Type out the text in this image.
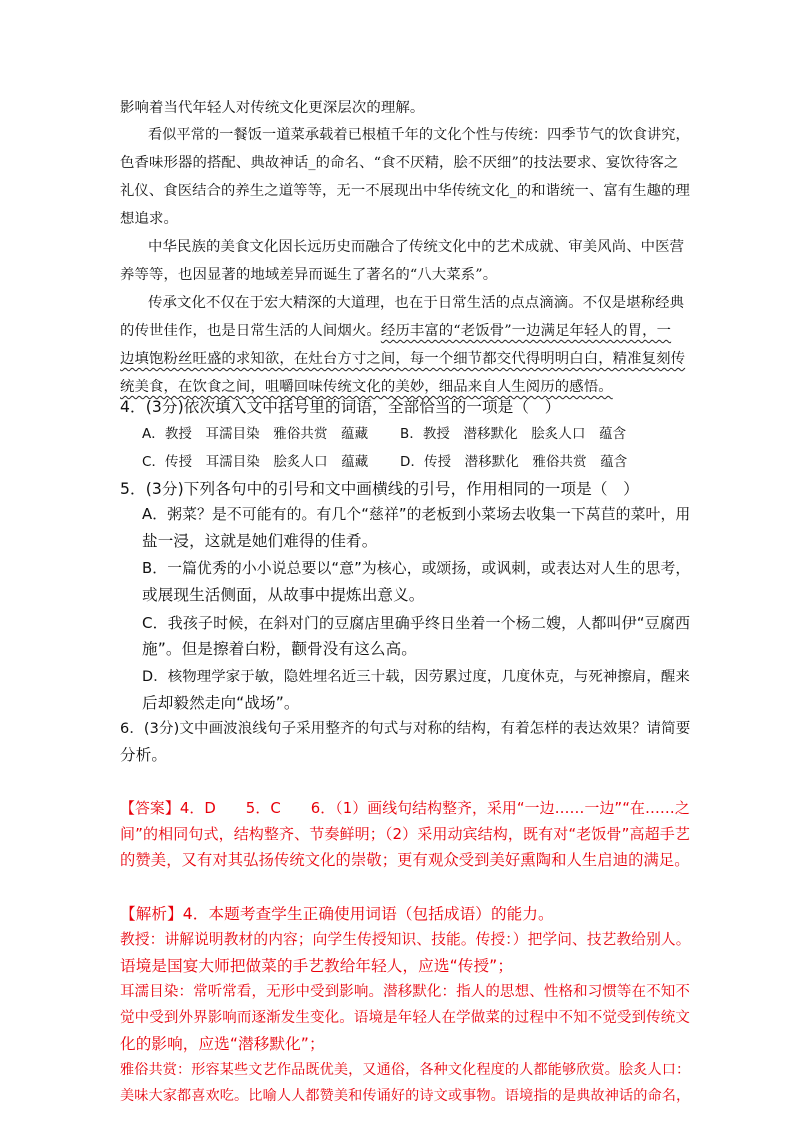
影响着当代年轻人对传统文化更深层次的理解。
看似平常的一餐饭一道菜承载着已根植千年的文化个性与传统：四季节气的饮食讲究，
色香味形器的搭配、典故神话_的命名、“食不厌精，脍不厌细”的技法要求、宴饮待客之
礼仪、食医结合的养生之道等等，无一不展现出中华传统文化_的和谐统一、富有生趣的理
想追求。
中华民族的美食文化因长远历史而融合了传统文化中的艺术成就、审美风尚、中医营
养等等，也因显著的地域差异而诞生了著名的“八大菜系”。
传承文化不仅在于宏大精深的大道理，也在于日常生活的点点滴滴。不仅是堪称经典
的传世佳作，也是日常生活的人间烟火。经历丰富的“老饭骨”一边满足年轻人的胃，一
边填饱粉丝旺盛的求知欲，在灶台方寸之间，每一个细节都交代得明明白白，精准复刻传
统美食，在饮食之间，咀嚼回味传统文化的美妙，细品来自人生阅历的感悟。
4．(3分)依次填入文中括号里的词语，全部恰当的一项是（　）
A．教授　耳濡目染　雅俗共赏　蕴藏 B．教授　潜移默化　脍炙人口　蕴含
C．传授　耳濡目染　脍炙人口　蕴藏 D．传授　潜移默化　雅俗共赏　蕴含
5．(3分)下列各句中的引号和文中画横线的引号，作用相同的一项是（　）
A．粥菜？是不可能有的。有几个“慈祥”的老板到小菜场去收集一下莴苣的菜叶，用
盐一浸，这就是她们难得的佳肴。
B．一篇优秀的小小说总要以“意”为核心，或颂扬，或讽刺，或表达对人生的思考，
或展现生活侧面，从故事中提炼出意义。
C．我孩子时候，在斜对门的豆腐店里确乎终日坐着一个杨二嫂，人都叫伊“豆腐西
施”。但是擦着白粉，颧骨没有这么高。
D．核物理学家于敏，隐姓埋名近三十载，因劳累过度，几度休克，与死神擦肩，醒来
后却毅然走向“战场”。
6．(3分)文中画波浪线句子采用整齐的句式与对称的结构，有着怎样的表达效果？请简要
分析。
【答案】4．D　　5．C　　6．（1）画线句结构整齐，采用“一边……一边”“在……之
间”的相同句式，结构整齐、节奏鲜明；（2）采用动宾结构，既有对“老饭骨”高超手艺
的赞美，又有对其弘扬传统文化的崇敬；更有观众受到美好熏陶和人生启迪的满足。
【解析】4．本题考查学生正确使用词语（包括成语）的能力。
教授：讲解说明教材的内容；向学生传授知识、技能。传授：）把学问、技艺教给别人。
语境是国宴大师把做菜的手艺教给年轻人，应选“传授”；
耳濡目染：常听常看，无形中受到影响。潜移默化：指人的思想、性格和习惯等在不知不
觉中受到外界影响而逐渐发生变化。语境是年轻人在学做菜的过程中不知不觉受到传统文
化的影响，应选“潜移默化”；
雅俗共赏：形容某些文艺作品既优美，又通俗，各种文化程度的人都能够欣赏。脍炙人口：
美味大家都喜欢吃。比喻人人都赞美和传诵好的诗文或事物。语境指的是典故神话的命名，
